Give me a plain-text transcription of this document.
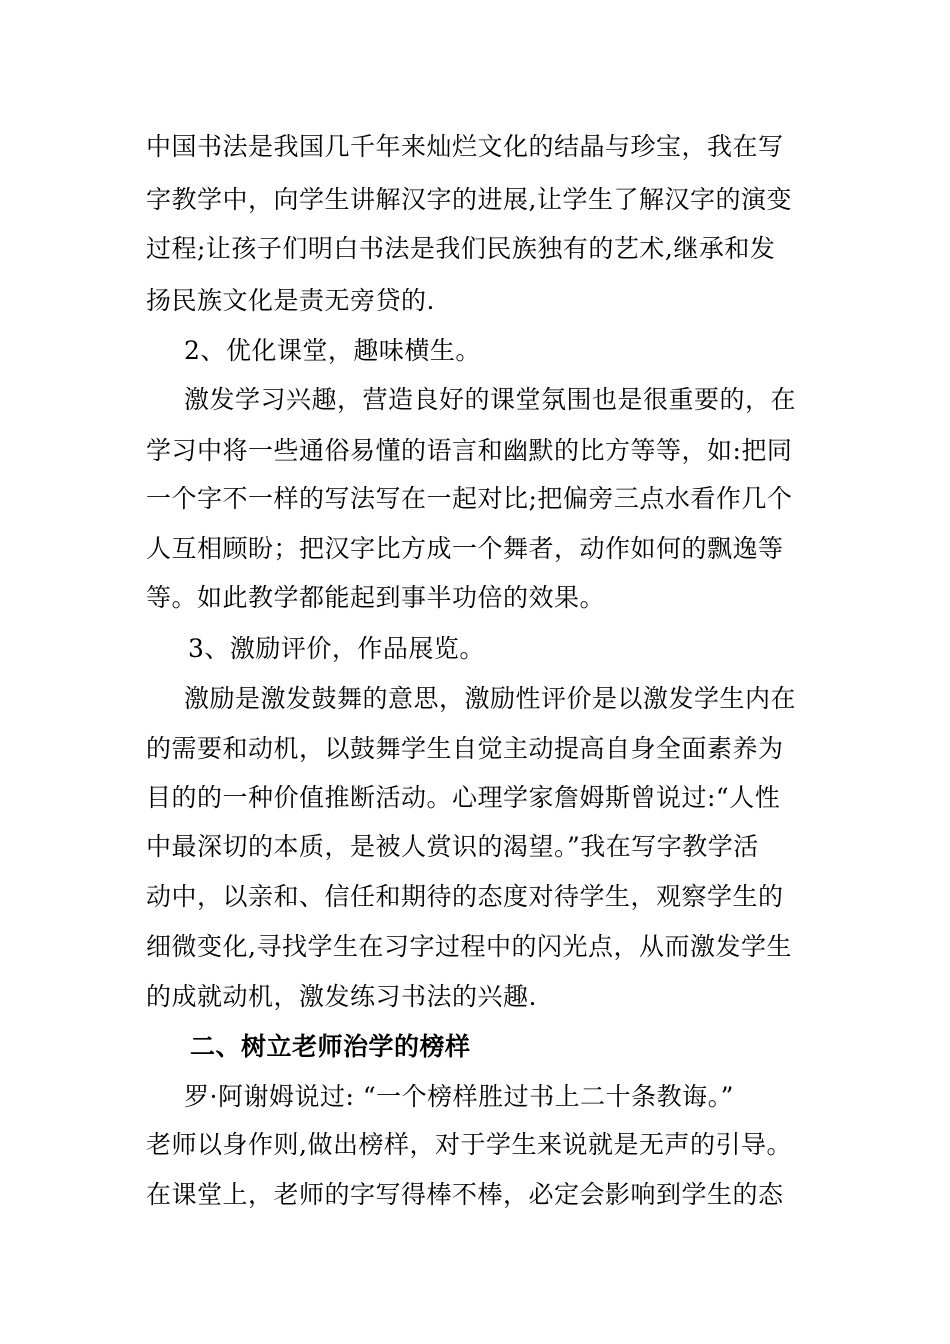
中国书法是我国几千年来灿烂文化的结晶与珍宝，我在写
字教学中，向学生讲解汉字的进展,让学生了解汉字的演变
过程;让孩子们明白书法是我们民族独有的艺术,继承和发
扬民族文化是责无旁贷的.
2、优化课堂，趣味横生。
激发学习兴趣，营造良好的课堂氛围也是很重要的，在
学习中将一些通俗易懂的语言和幽默的比方等等，如:把同
一个字不一样的写法写在一起对比;把偏旁三点水看作几个
人互相顾盼；把汉字比方成一个舞者，动作如何的飘逸等
等。如此教学都能起到事半功倍的效果。
3、激励评价，作品展览。
激励是激发鼓舞的意思，激励性评价是以激发学生内在
的需要和动机，以鼓舞学生自觉主动提高自身全面素养为
目的的一种价值推断活动。心理学家詹姆斯曾说过:“人性
中最深切的本质，是被人赏识的渴望。”我在写字教学活
动中，以亲和、信任和期待的态度对待学生，观察学生的
细微变化,寻找学生在习字过程中的闪光点，从而激发学生
的成就动机，激发练习书法的兴趣.
二、树立老师治学的榜样
罗·阿谢姆说过: “一个榜样胜过书上二十条教诲。”
老师以身作则,做出榜样，对于学生来说就是无声的引导。
在课堂上，老师的字写得棒不棒，必定会影响到学生的态
